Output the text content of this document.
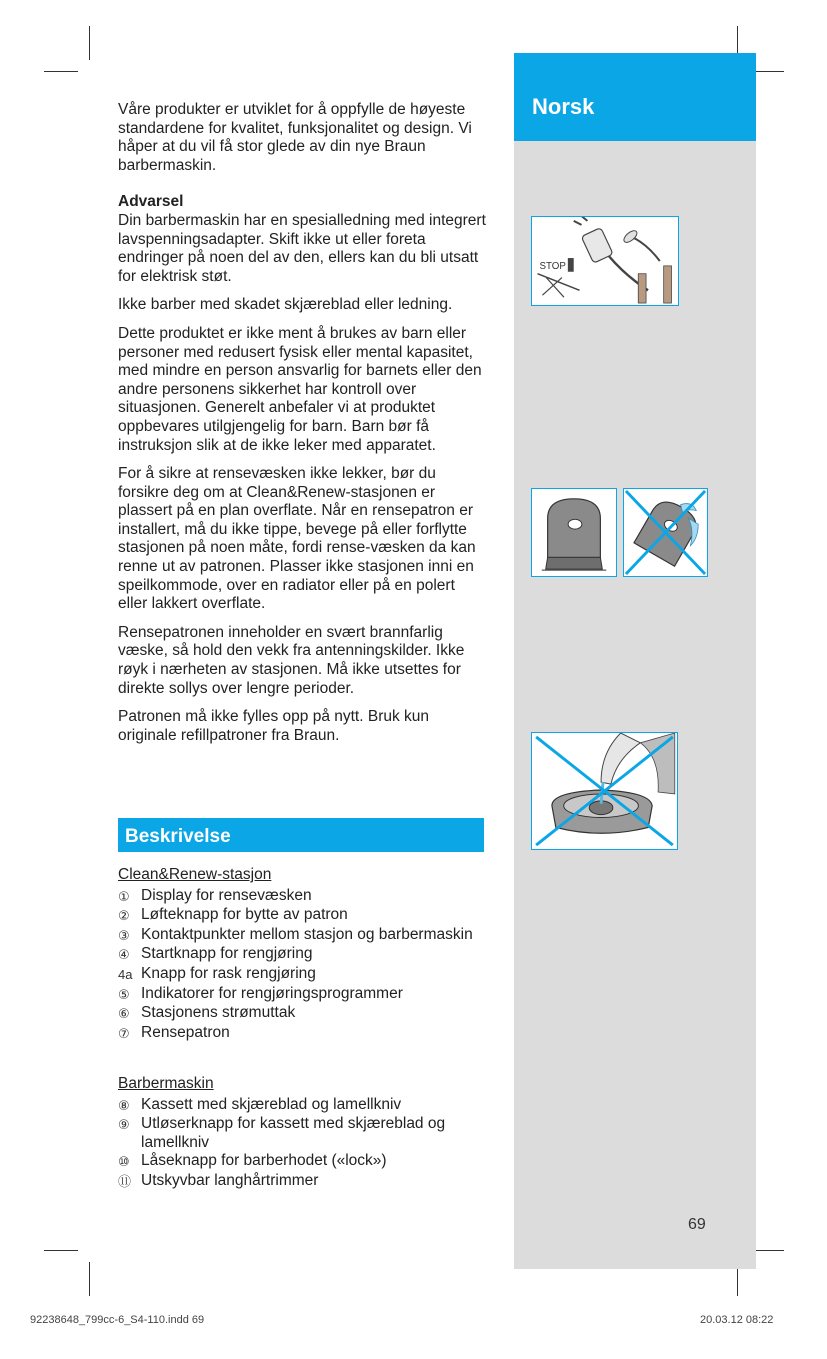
Norsk

Våre produkter er utviklet for å oppfylle de høyeste standardene for kvalitet, funksjonalitet og design. Vi håper at du vil få stor glede av din nye Braun barbermaskin.

Advarsel

Din barbermaskin har en spesialledning med integrert lavspenningsadapter. Skift ikke ut eller foreta endringer på noen del av den, ellers kan du bli utsatt for elektrisk støt.

Ikke barber med skadet skjæreblad eller ledning.

Dette produktet er ikke ment å brukes av barn eller personer med redusert fysisk eller mental kapasitet, med mindre en person ansvarlig for barnets eller den andre personens sikkerhet har kontroll over situasjonen. Generelt anbefaler vi at produktet oppbevares utilgjengelig for barn. Barn bør få instruksjon slik at de ikke leker med apparatet.

For å sikre at rensevæsken ikke lekker, bør du forsikre deg om at Clean&Renew-stasjonen er plassert på en plan overflate. Når en rensepatron er installert, må du ikke tippe, bevege på eller forflytte stasjonen på noen måte, fordi rense-væsken da kan renne ut av patronen. Plasser ikke stasjonen inni en speilkommode, over en radiator eller på en polert eller lakkert overflate.

Rensepatronen inneholder en svært brannfarlig væske, så hold den vekk fra antenningskilder. Ikke røyk i nærheten av stasjonen. Må ikke utsettes for direkte sollys over lengre perioder.

Patronen må ikke fylles opp på nytt. Bruk kun originale refillpatroner fra Braun.

Beskrivelse
Clean&Renew-stasjon
① Display for rensevæsken
② Løfteknapp for bytte av patron
③ Kontaktpunkter mellom stasjon og barbermaskin
④ Startknapp for rengjøring
4a Knapp for rask rengjøring
⑤ Indikatorer for rengjøringsprogrammer
⑥ Stasjonens strømuttak
⑦ Rensepatron
Barbermaskin
⑧ Kassett med skjæreblad og lamellkniv
⑨ Utløserknapp for kassett med skjæreblad og lamellkniv
⑩ Låseknapp for barberhodet («lock»)
⑪ Utskyvbar langhårtrimmer
STOP
69
92238648_799cc-6_S4-110.indd 69	20.03.12 08:22
